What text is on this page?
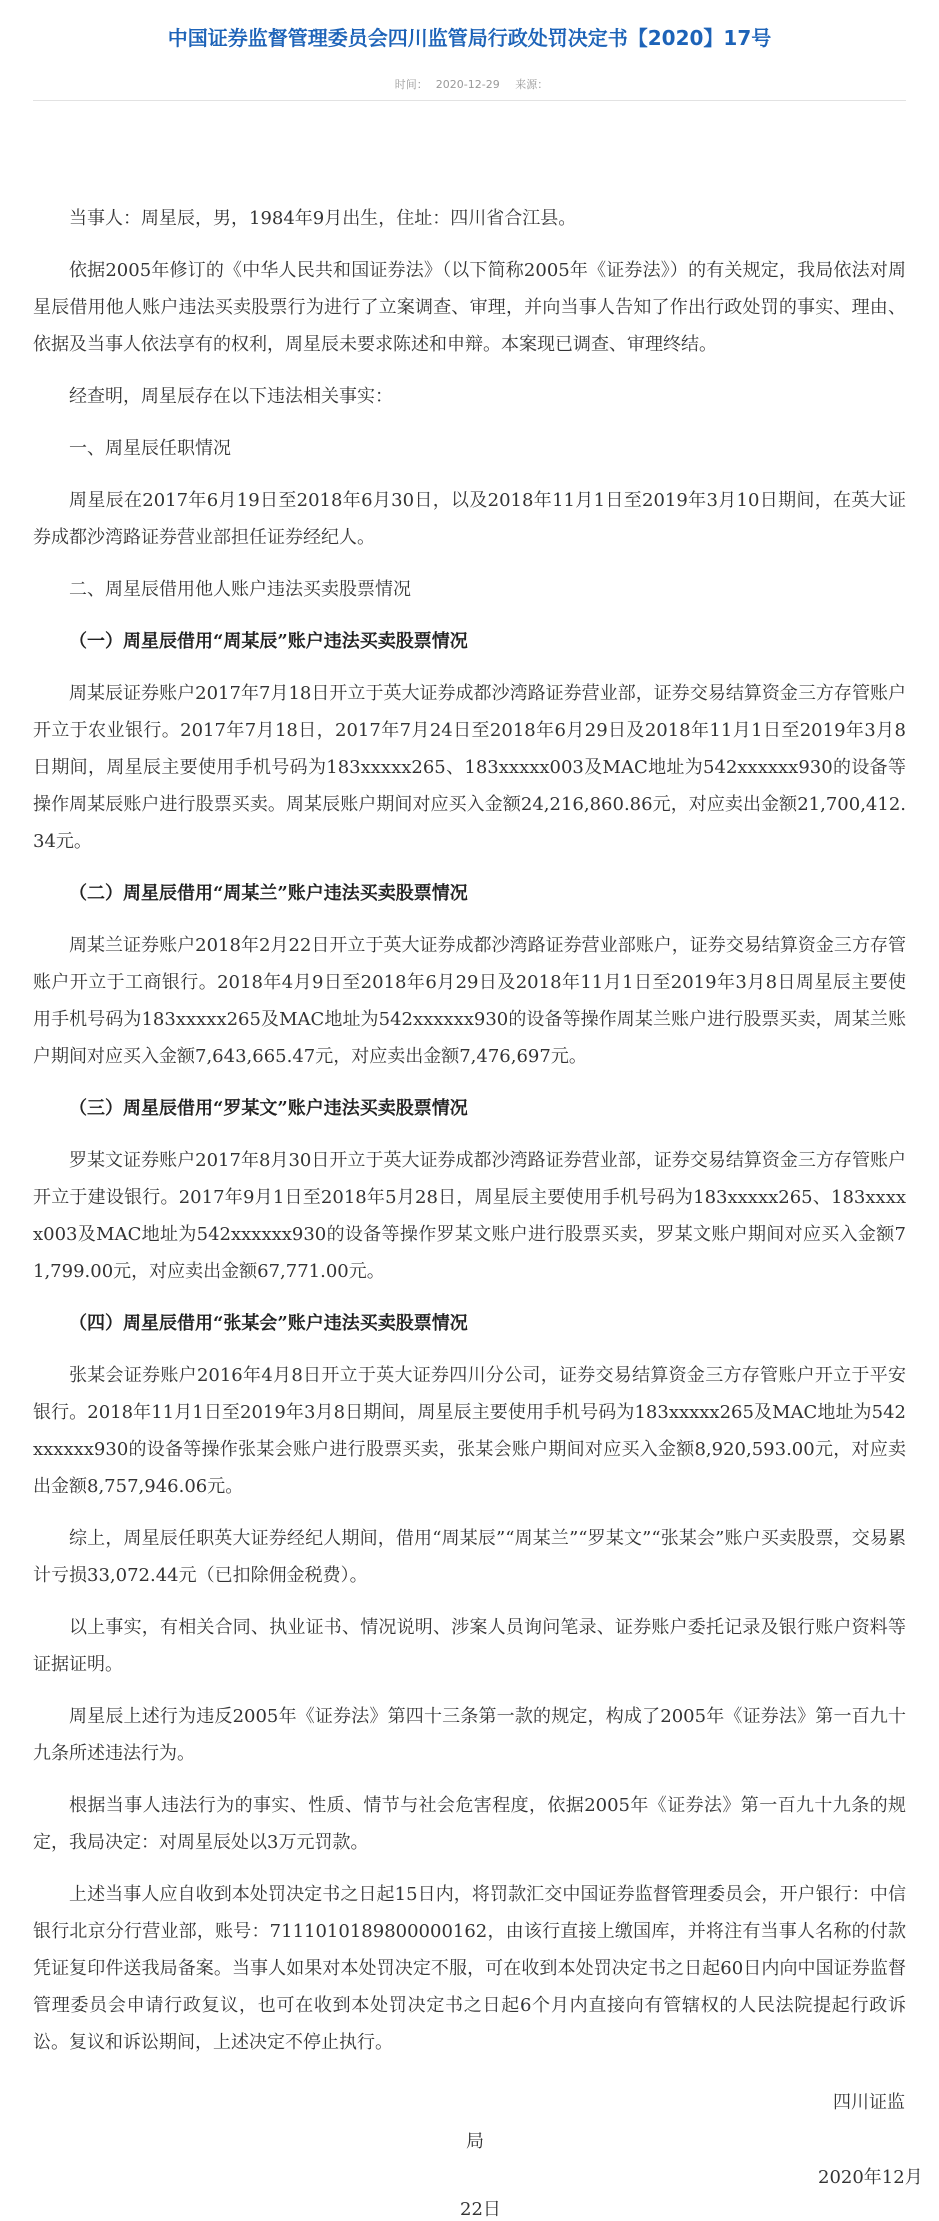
中国证券监督管理委员会四川监管局行政处罚决定书【2020】17号
时间： 2020-12-29 来源：

当事人：周星辰，男，1984年9月出生，住址：四川省合江县。

依据2005年修订的《中华人民共和国证券法》（以下简称2005年《证券法》）的有关规定，我局依法对周星辰借用他人账户违法买卖股票行为进行了立案调查、审理，并向当事人告知了作出行政处罚的事实、理由、依据及当事人依法享有的权利，周星辰未要求陈述和申辩。本案现已调查、审理终结。

经查明，周星辰存在以下违法相关事实：

一、周星辰任职情况

周星辰在2017年6月19日至2018年6月30日，以及2018年11月1日至2019年3月10日期间，在英大证券成都沙湾路证券营业部担任证券经纪人。

二、周星辰借用他人账户违法买卖股票情况

（一）周星辰借用“周某辰”账户违法买卖股票情况

周某辰证券账户2017年7月18日开立于英大证券成都沙湾路证券营业部，证券交易结算资金三方存管账户开立于农业银行。2017年7月18日，2017年7月24日至2018年6月29日及2018年11月1日至2019年3月8日期间，周星辰主要使用手机号码为183xxxxx265、183xxxxx003及MAC地址为542xxxxxx930的设备等操作周某辰账户进行股票买卖。周某辰账户期间对应买入金额24,216,860.86元，对应卖出金额21,700,412.34元。

（二）周星辰借用“周某兰”账户违法买卖股票情况

周某兰证券账户2018年2月22日开立于英大证券成都沙湾路证券营业部账户，证券交易结算资金三方存管账户开立于工商银行。2018年4月9日至2018年6月29日及2018年11月1日至2019年3月8日周星辰主要使用手机号码为183xxxxx265及MAC地址为542xxxxxx930的设备等操作周某兰账户进行股票买卖，周某兰账户期间对应买入金额7,643,665.47元，对应卖出金额7,476,697元。

（三）周星辰借用“罗某文”账户违法买卖股票情况

罗某文证券账户2017年8月30日开立于英大证券成都沙湾路证券营业部，证券交易结算资金三方存管账户开立于建设银行。2017年9月1日至2018年5月28日，周星辰主要使用手机号码为183xxxxx265、183xxxxx003及MAC地址为542xxxxxx930的设备等操作罗某文账户进行股票买卖，罗某文账户期间对应买入金额71,799.00元，对应卖出金额67,771.00元。

（四）周星辰借用“张某会”账户违法买卖股票情况

张某会证券账户2016年4月8日开立于英大证券四川分公司，证券交易结算资金三方存管账户开立于平安银行。2018年11月1日至2019年3月8日期间，周星辰主要使用手机号码为183xxxxx265及MAC地址为542xxxxxx930的设备等操作张某会账户进行股票买卖，张某会账户期间对应买入金额8,920,593.00元，对应卖出金额8,757,946.06元。

综上，周星辰任职英大证券经纪人期间，借用“周某辰”“周某兰”“罗某文”“张某会”账户买卖股票，交易累计亏损33,072.44元（已扣除佣金税费）。

以上事实，有相关合同、执业证书、情况说明、涉案人员询问笔录、证券账户委托记录及银行账户资料等证据证明。

周星辰上述行为违反2005年《证券法》第四十三条第一款的规定，构成了2005年《证券法》第一百九十九条所述违法行为。

根据当事人违法行为的事实、性质、情节与社会危害程度，依据2005年《证券法》第一百九十九条的规定，我局决定：对周星辰处以3万元罚款。

上述当事人应自收到本处罚决定书之日起15日内，将罚款汇交中国证券监督管理委员会，开户银行：中信银行北京分行营业部，账号：7111010189800000162，由该行直接上缴国库，并将注有当事人名称的付款凭证复印件送我局备案。当事人如果对本处罚决定不服，可在收到本处罚决定书之日起60日内向中国证券监督管理委员会申请行政复议，也可在收到本处罚决定书之日起6个月内直接向有管辖权的人民法院提起行政诉讼。复议和诉讼期间，上述决定不停止执行。

四川证监
局
2020年12月
22日
